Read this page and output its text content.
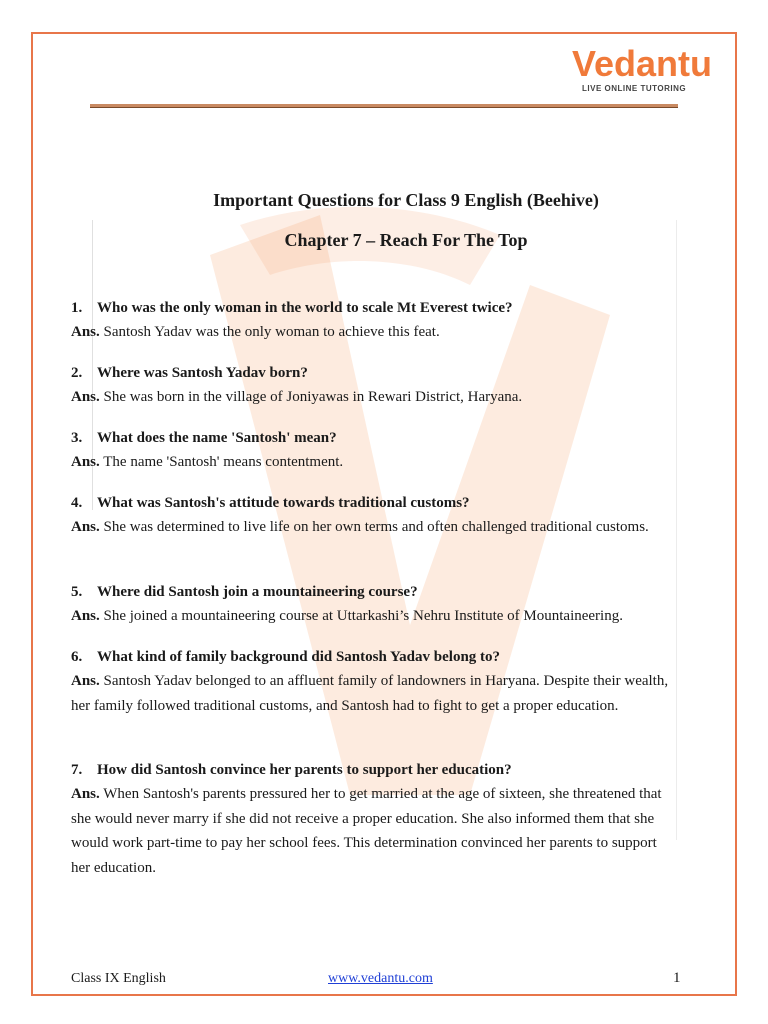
Vedantu
LIVE ONLINE TUTORING
Important Questions for Class 9 English (Beehive)
Chapter 7 – Reach For The Top
1. Who was the only woman in the world to scale Mt Everest twice?
Ans. Santosh Yadav was the only woman to achieve this feat.
2. Where was Santosh Yadav born?
Ans. She was born in the village of Joniyawas in Rewari District, Haryana.
3. What does the name 'Santosh' mean?
Ans. The name 'Santosh' means contentment.
4. What was Santosh's attitude towards traditional customs?
Ans. She was determined to live life on her own terms and often challenged traditional customs.
5. Where did Santosh join a mountaineering course?
Ans. She joined a mountaineering course at Uttarkashi’s Nehru Institute of Mountaineering.
6. What kind of family background did Santosh Yadav belong to?
Ans. Santosh Yadav belonged to an affluent family of landowners in Haryana. Despite their wealth, her family followed traditional customs, and Santosh had to fight to get a proper education.
7. How did Santosh convince her parents to support her education?
Ans. When Santosh's parents pressured her to get married at the age of sixteen, she threatened that she would never marry if she did not receive a proper education. She also informed them that she would work part-time to pay her school fees. This determination convinced her parents to support her education.
Class IX English	www.vedantu.com	1
